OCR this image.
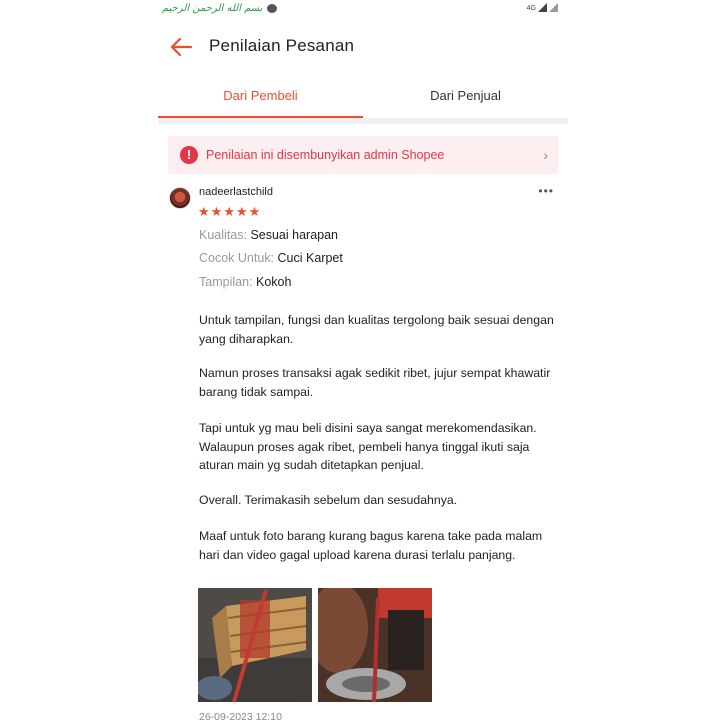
بسم الله الرحمن الرحيم	4G
Penilaian Pesanan
Dari Pembeli	Dari Penjual
!	Penilaian ini disembunyikan admin Shopee	›
nadeerlastchild	•••
★ ★ ★ ★ ★
Kualitas: Sesuai harapan
Cocok Untuk: Cuci Karpet
Tampilan: Kokoh
Untuk tampilan, fungsi dan kualitas tergolong baik sesuai dengan yang diharapkan.
Namun proses transaksi agak sedikit ribet, jujur sempat khawatir barang tidak sampai.
Tapi untuk yg mau beli disini saya sangat merekomendasikan. Walaupun proses agak ribet, pembeli hanya tinggal ikuti saja aturan main yg sudah ditetapkan penjual.
Overall. Terimakasih sebelum dan sesudahnya.
Maaf untuk foto barang kurang bagus karena take pada malam hari dan video gagal upload karena durasi terlalu panjang.
26-09-2023 12:10
